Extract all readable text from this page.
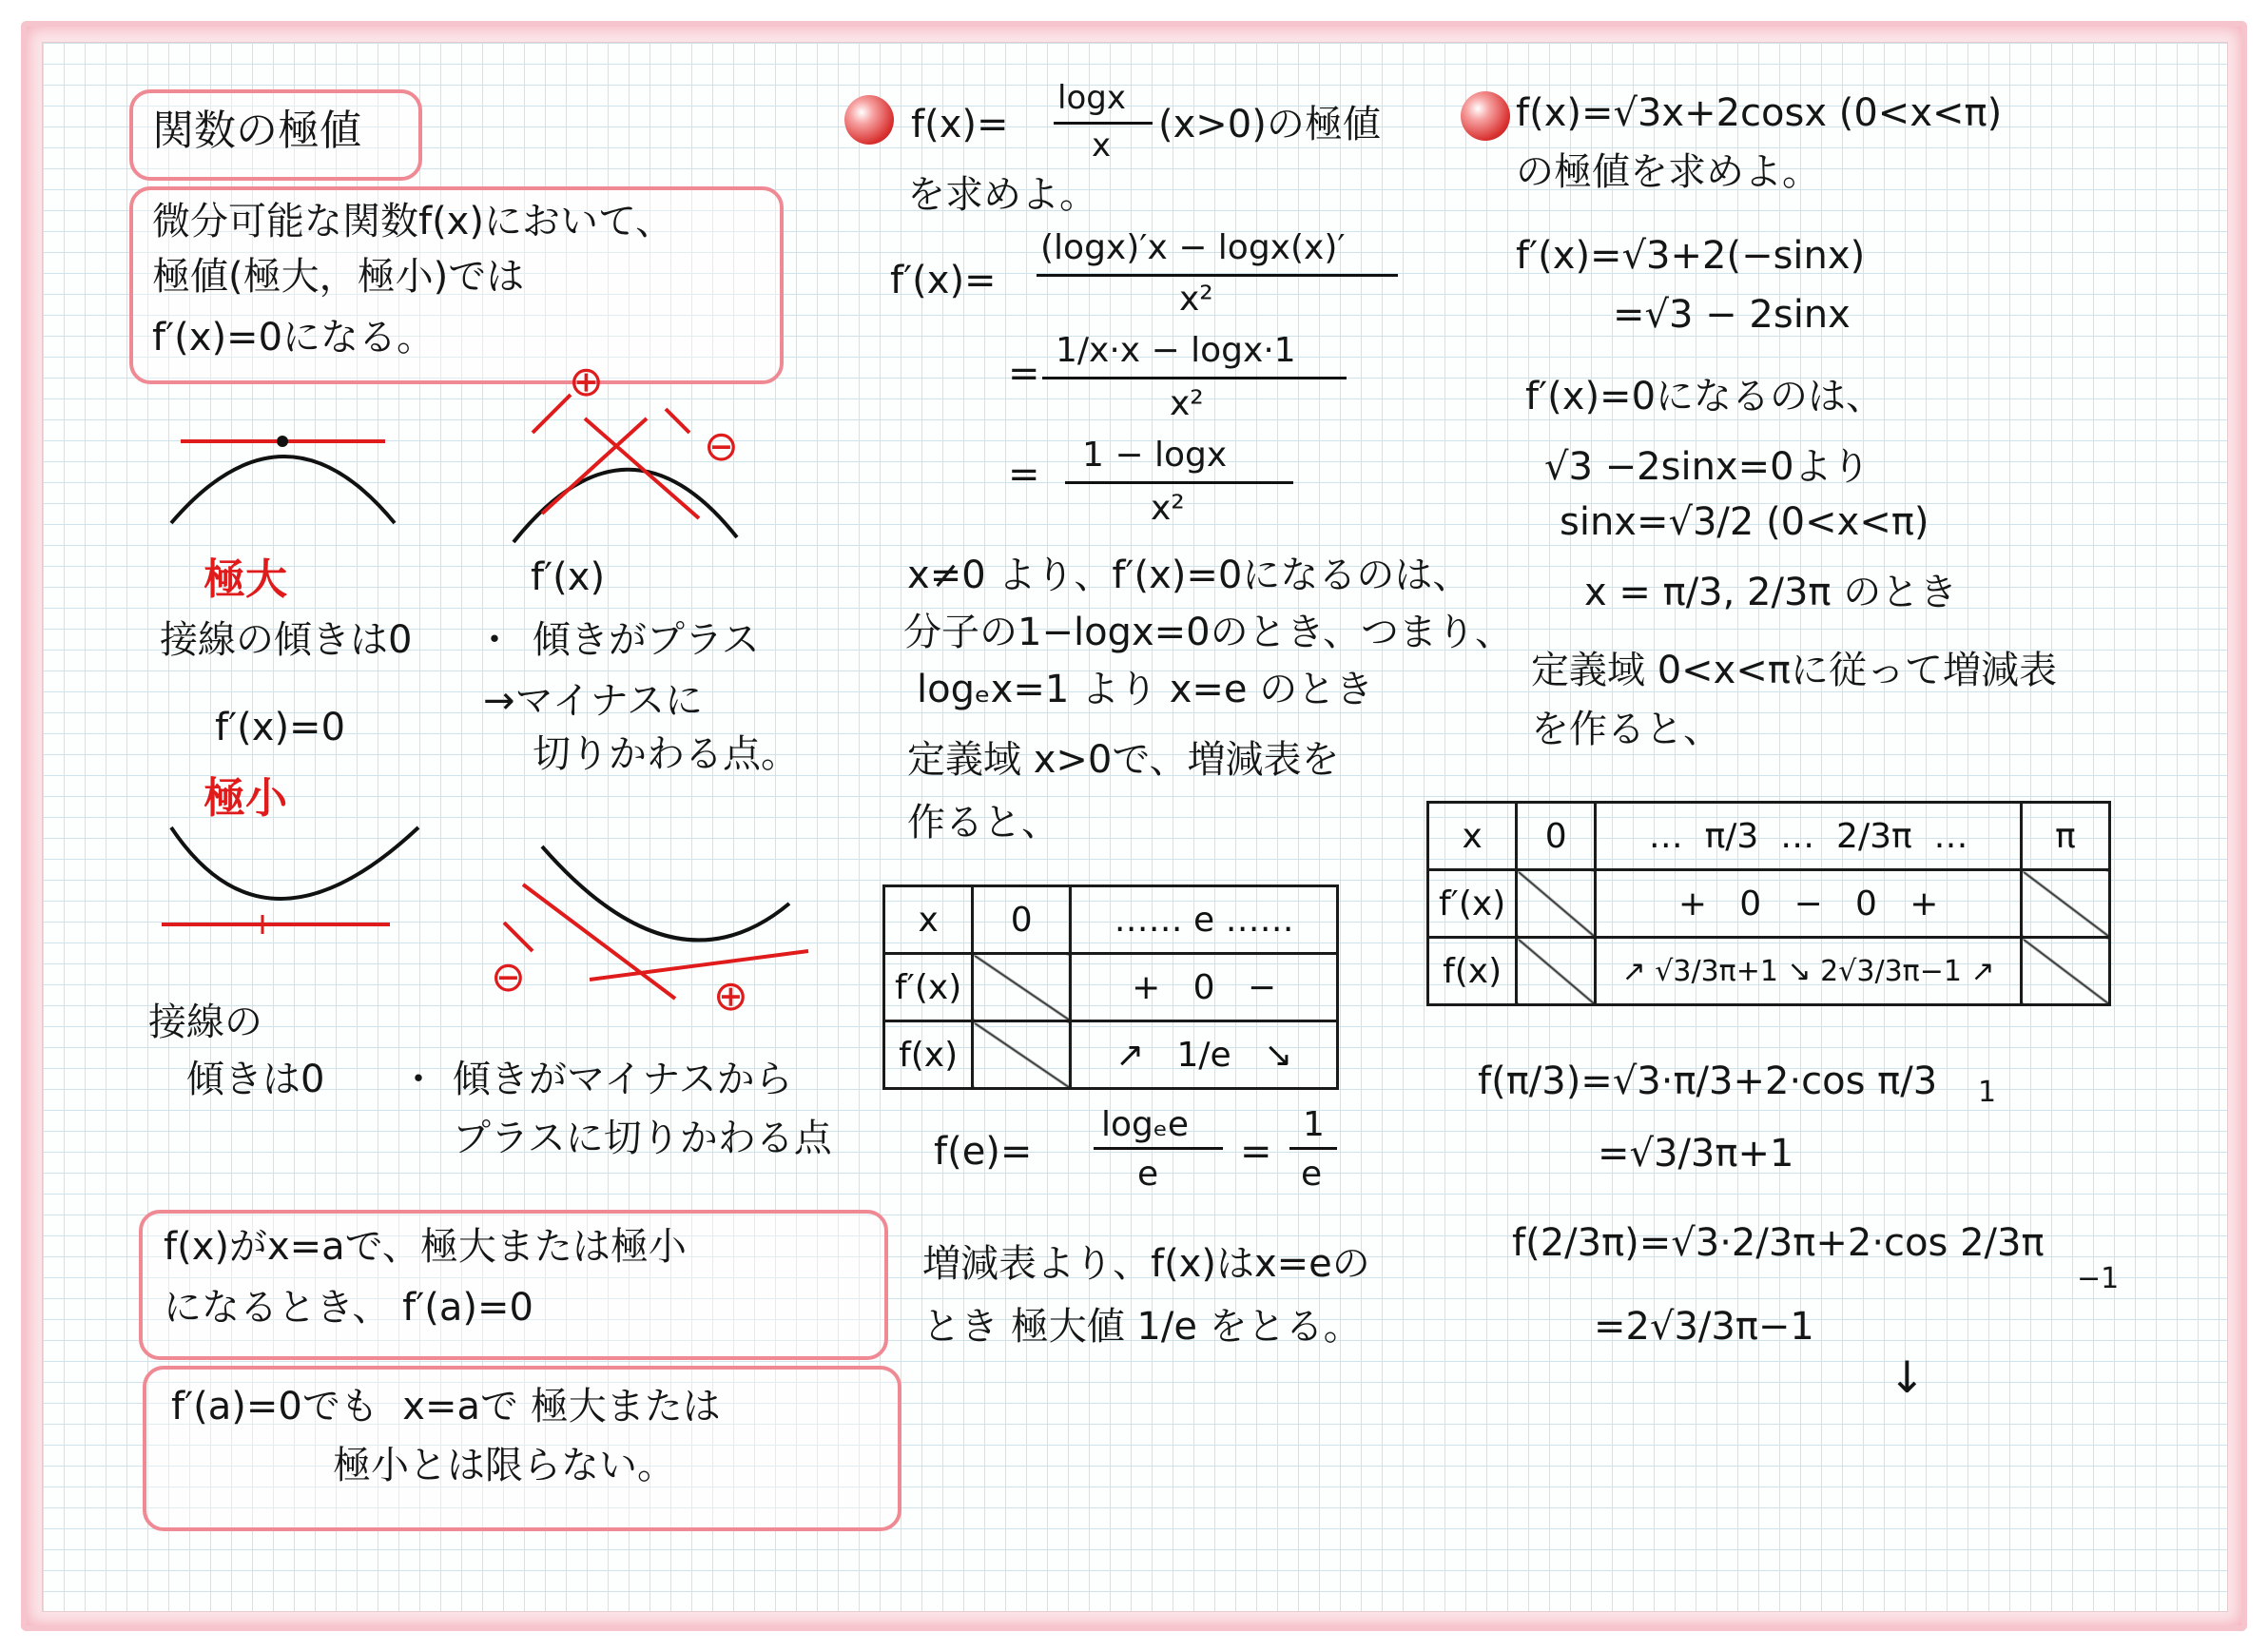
関数の極値
微分可能な関数f(x)において、
極値(極大，極小)では
f′(x)=0になる。
⊕
⊖
極大	f′(x)
接線の傾きは0 ・ 傾きがプラス
f′(x)=0
→マイナスに
切りかわる点。
極小
⊖	⊕
接線の
傾きは0 ・ 傾きがマイナスから
プラスに切りかわる点
f(x)がx=aで、極大または極小
になるとき、 f′(a)=0
f′(a)=0でも  x=aで 極大または
極小とは限らない。
f(x)=
logx
x (x>0)の極値
を求めよ。
f′(x)=
(logx)′x − logx(x)′
x²
=
1/x·x − logx·1
x²
= 1 − logx
x²
x≠0 より、f′(x)=0になるのは、
分子の1−logx=0のとき、つまり、
logₑx=1 より x=e のとき
定義域 x>0で、増減表を
作ると、
x	0	…… e ……
f′(x)		+   0   −
f(x)		↗   1/e   ↘
f(e)=
logₑe
e
=
1
e
増減表より、f(x)はx=eの
とき 極大値 1/e をとる。
f(x)=√3x+2cosx (0<x<π)
の極値を求めよ。
f′(x)=√3+2(−sinx)
=√3 − 2sinx
f′(x)=0になるのは、
√3 −2sinx=0より
sinx=√3/2 (0<x<π)
x = π/3, 2/3π のとき
定義域 0<x<πに従って増減表
を作ると、
x	0	…  π/3  …  2/3π  …	π
f′(x)		+   0   −   0   +	
f(x)		↗ √3/3π+1 ↘ 2√3/3π−1 ↗	
f(π/3)=√3·π/3+2·cos π/3 1
=√3/3π+1
f(2/3π)=√3·2/3π+2·cos 2/3π
−1
=2√3/3π−1
↓
